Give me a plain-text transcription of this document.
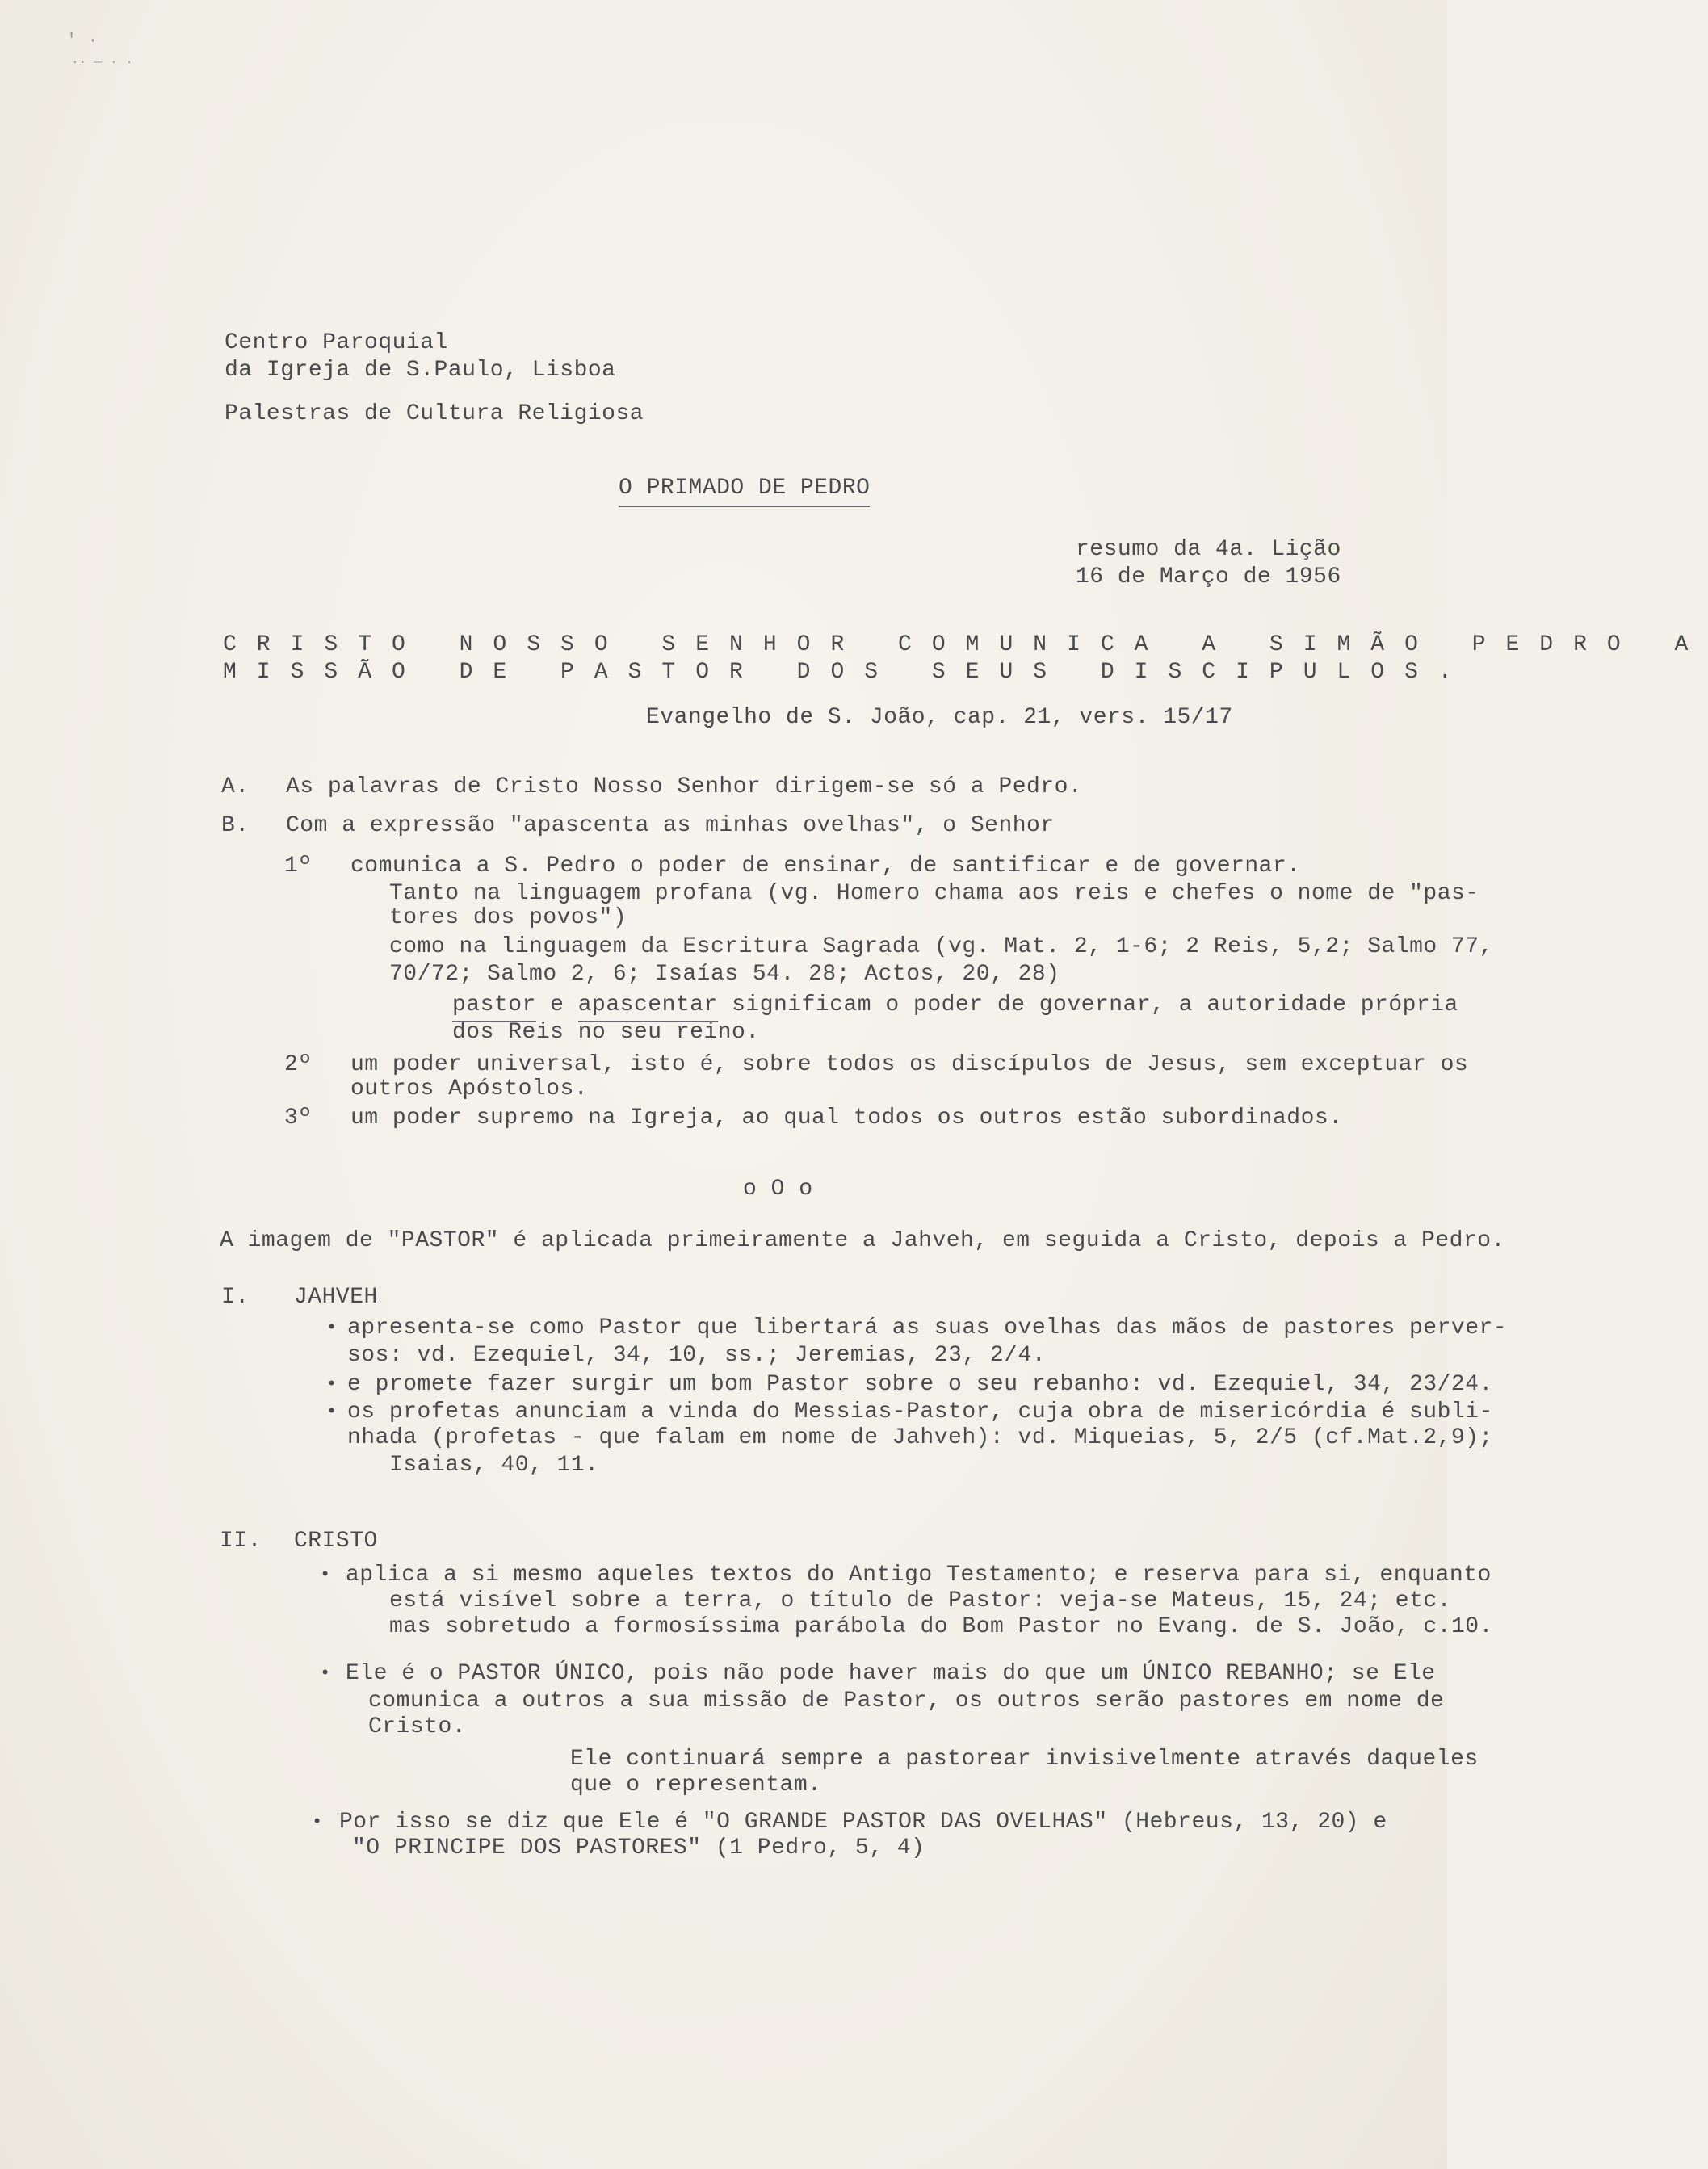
' ·
·· — · ·
Centro Paroquial
da Igreja de S.Paulo, Lisboa
Palestras de Cultura Religiosa
O PRIMADO DE PEDRO
resumo da 4a. Lição
16 de Março de 1956
CRISTO NOSSO SENHOR COMUNICA A SIMÃO PEDRO A
MISSÃO DE PASTOR DOS SEUS DISCIPULOS.
Evangelho de S. João, cap. 21, vers. 15/17
A. As palavras de Cristo Nosso Senhor dirigem-se só a Pedro.
B. Com a expressão "apascenta as minhas ovelhas", o Senhor
1º comunica a S. Pedro o poder de ensinar, de santificar e de governar.
Tanto na linguagem profana (vg. Homero chama aos reis e chefes o nome de "pas-
tores dos povos")
como na linguagem da Escritura Sagrada (vg. Mat. 2, 1-6; 2 Reis, 5,2; Salmo 77,
70/72; Salmo 2, 6; Isaías 54. 28; Actos, 20, 28)
pastor e apascentar significam o poder de governar, a autoridade própria
dos Reis no seu reino.
2º um poder universal, isto é, sobre todos os discípulos de Jesus, sem exceptuar os
outros Apóstolos.
3º um poder supremo na Igreja, ao qual todos os outros estão subordinados.
o O o
A imagem de "PASTOR" é aplicada primeiramente a Jahveh, em seguida a Cristo, depois a Pedro.
I. JAHVEH
• apresenta-se como Pastor que libertará as suas ovelhas das mãos de pastores perver-
sos: vd. Ezequiel, 34, 10, ss.; Jeremias, 23, 2/4.
• e promete fazer surgir um bom Pastor sobre o seu rebanho: vd. Ezequiel, 34, 23/24.
• os profetas anunciam a vinda do Messias-Pastor, cuja obra de misericórdia é subli-
nhada (profetas - que falam em nome de Jahveh): vd. Miqueias, 5, 2/5 (cf.Mat.2,9);
Isaias, 40, 11.
II. CRISTO
• aplica a si mesmo aqueles textos do Antigo Testamento; e reserva para si, enquanto
está visível sobre a terra, o título de Pastor: veja-se Mateus, 15, 24; etc.
mas sobretudo a formosíssima parábola do Bom Pastor no Evang. de S. João, c.10.
• Ele é o PASTOR ÚNICO, pois não pode haver mais do que um ÚNICO REBANHO; se Ele
comunica a outros a sua missão de Pastor, os outros serão pastores em nome de
Cristo.
Ele continuará sempre a pastorear invisivelmente através daqueles
que o representam.
• Por isso se diz que Ele é "O GRANDE PASTOR DAS OVELHAS" (Hebreus, 13, 20) e
"O PRINCIPE DOS PASTORES" (1 Pedro, 5, 4)
